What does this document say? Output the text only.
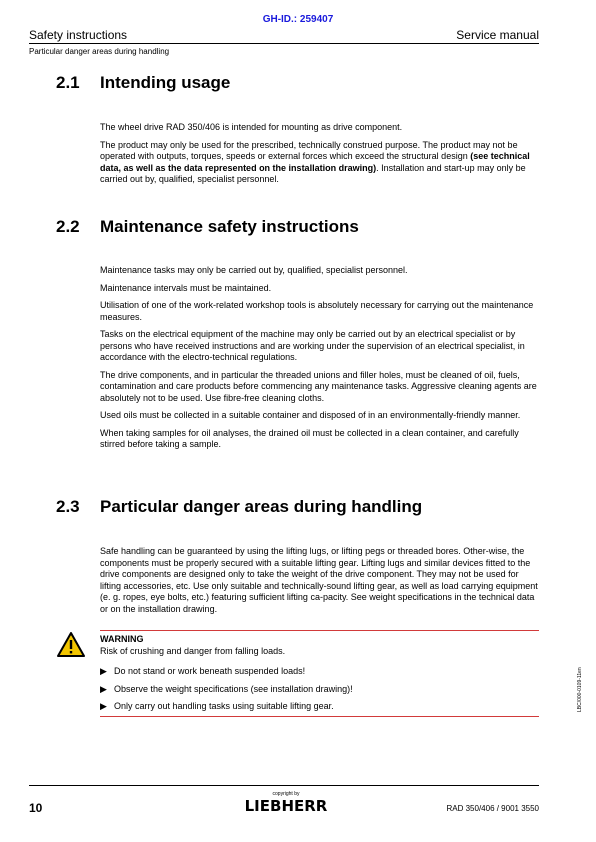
GH-ID.: 259407
Safety instructions	Service manual
Particular danger areas during handling
2.1 Intending usage

The wheel drive RAD 350/406 is intended for mounting as drive component.

The product may only be used for the prescribed, technically construed purpose. The product may not be operated with outputs, torques, speeds or external forces which exceed the structural design (see technical data, as well as the data represented on the installation drawing). Installation and start-up may only be carried out by, qualified, specialist personnel.

2.2 Maintenance safety instructions

Maintenance tasks may only be carried out by, qualified, specialist personnel.

Maintenance intervals must be maintained.

Utilisation of one of the work-related workshop tools is absolutely necessary for carrying out the maintenance measures.

Tasks on the electrical equipment of the machine may only be carried out by an electrical specialist or by persons who have received instructions and are working under the supervision of an electrical specialist, in accordance with the electro-technical regulations.

The drive components, and in particular the threaded unions and filler holes, must be cleaned of oil, fuels, contamination and care products before commencing any maintenance tasks. Aggressive cleaning agents are absolutely not to be used. Use fibre-free cleaning cloths.

Used oils must be collected in a suitable container and disposed of in an environmentally-friendly manner.

When taking samples for oil analyses, the drained oil must be collected in a clean container, and carefully stirred before taking a sample.

2.3 Particular danger areas during handling

Safe handling can be guaranteed by using the lifting lugs, or lifting pegs or threaded bores. Other-wise, the components must be properly secured with a suitable lifting gear. Lifting lugs and similar devices fitted to the drive components are designed only to take the weight of the drive component. They may not be used for lifting accessories, etc. Use only suitable and technically-sound lifting gear, as well as load carrying equipment (e. g. ropes, eye bolts, etc.) featuring sufficient lifting ca-pacity. See weight specifications in the technical data or on the installation drawing.

WARNING
Risk of crushing and danger from falling loads.
▶ Do not stand or work beneath suspended loads!
▶ Observe the weight specifications (see installation drawing)!
▶ Only carry out handling tasks using suitable lifting gear.	LBC/000-0109-11en
10
copyright by
LIEBHERR	RAD 350/406 / 9001 3550
